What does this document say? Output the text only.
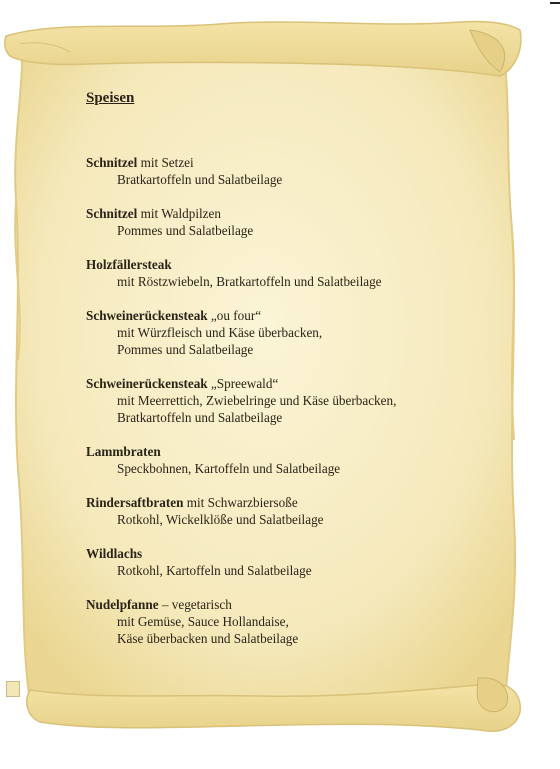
Speisen
Schnitzel mit Setzei
Bratkartoffeln und Salatbeilage
Schnitzel mit Waldpilzen
Pommes und Salatbeilage
Holzfällersteak
mit Röstzwiebeln, Bratkartoffeln und Salatbeilage
Schweinerückensteak „ou four“
mit Würzfleisch und Käse überbacken,
Pommes und Salatbeilage
Schweinerückensteak „Spreewald“
mit Meerrettich, Zwiebelringe und Käse überbacken,
Bratkartoffeln und Salatbeilage
Lammbraten
Speckbohnen, Kartoffeln und Salatbeilage
Rindersaftbraten mit Schwarzbiersoße
Rotkohl, Wickelklöße und Salatbeilage
Wildlachs
Rotkohl, Kartoffeln und Salatbeilage
Nudelpfanne – vegetarisch
mit Gemüse, Sauce Hollandaise,
Käse überbacken und Salatbeilage
